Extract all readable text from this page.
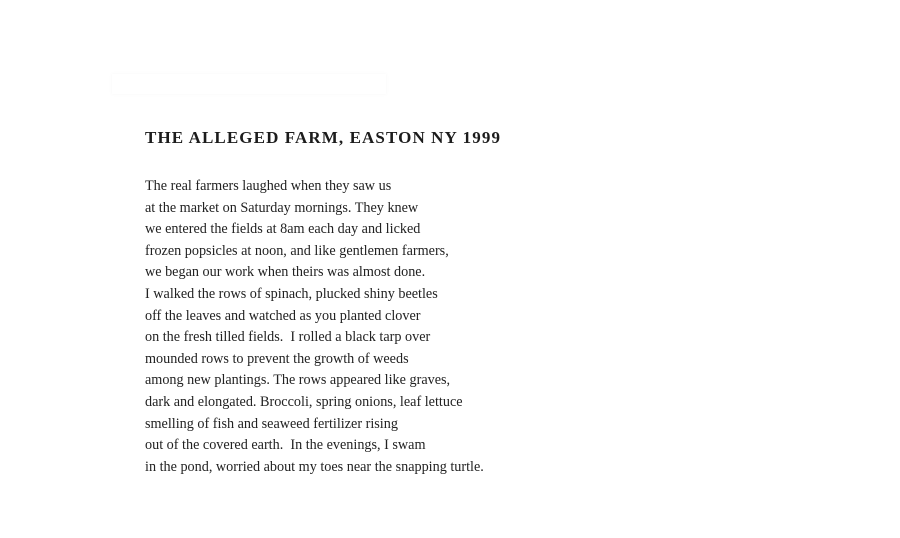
THE ALLEGED FARM, EASTON NY 1999
The real farmers laughed when they saw us
at the market on Saturday mornings. They knew
we entered the fields at 8am each day and licked
frozen popsicles at noon, and like gentlemen farmers,
we began our work when theirs was almost done.
I walked the rows of spinach, plucked shiny beetles
off the leaves and watched as you planted clover
on the fresh tilled fields.  I rolled a black tarp over
mounded rows to prevent the growth of weeds
among new plantings. The rows appeared like graves,
dark and elongated. Broccoli, spring onions, leaf lettuce
smelling of fish and seaweed fertilizer rising
out of the covered earth.  In the evenings, I swam
in the pond, worried about my toes near the snapping turtle.
